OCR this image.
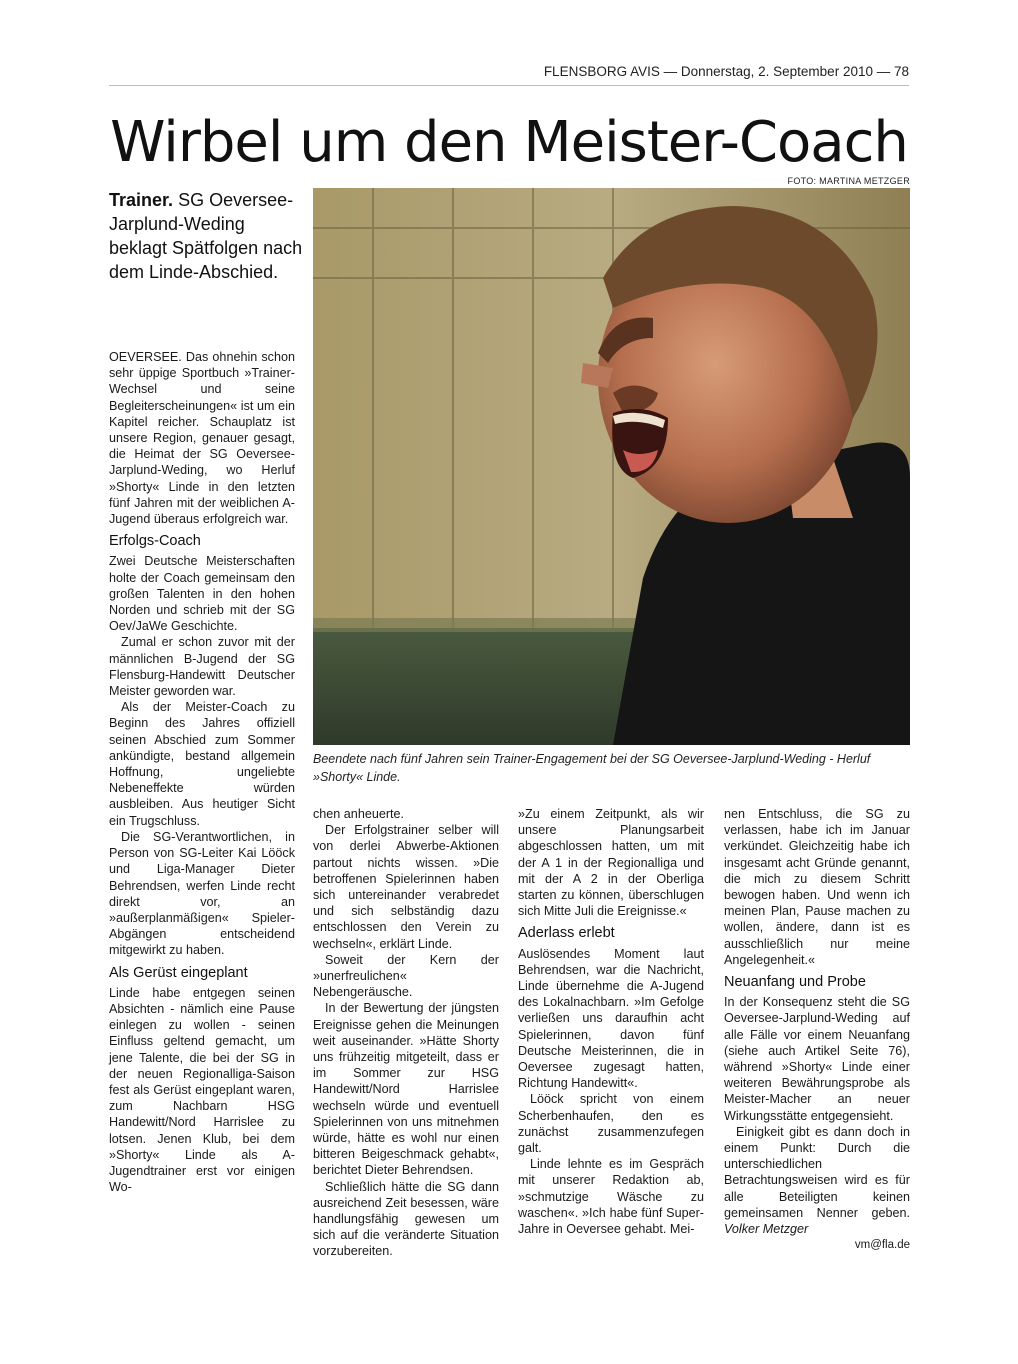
FLENSBORG AVIS — Donnerstag, 2. September 2010 — 78
Wirbel um den Meister-Coach
FOTO: MARTINA METZGER
Beendete nach fünf Jahren sein Trainer-Engagement bei der SG Oeversee-Jarplund-Weding - Herluf »Shorty« Linde.
Trainer. SG Oeversee-Jarplund-Weding beklagt Spätfolgen nach dem Linde-Abschied.

OEVERSEE. Das ohnehin schon sehr üppige Sportbuch »Trainer-Wechsel und seine Begleiterscheinungen« ist um ein Kapitel reicher. Schauplatz ist unsere Region, genauer gesagt, die Heimat der SG Oeversee-Jarplund-Weding, wo Herluf »Shorty« Linde in den letzten fünf Jahren mit der weiblichen A-Jugend überaus erfolgreich war.

Erfolgs-Coach

Zwei Deutsche Meisterschaften holte der Coach gemeinsam den großen Talenten in den hohen Norden und schrieb mit der SG Oev/JaWe Geschichte.

Zumal er schon zuvor mit der männlichen B-Jugend der SG Flensburg-Handewitt Deutscher Meister geworden war.

Als der Meister-Coach zu Beginn des Jahres offiziell seinen Abschied zum Sommer ankündigte, bestand allgemein Hoffnung, ungeliebte Nebeneffekte würden ausbleiben. Aus heutiger Sicht ein Trugschluss.

Die SG-Verantwortlichen, in Person von SG-Leiter Kai Lööck und Liga-Manager Dieter Behrendsen, werfen Linde recht direkt vor, an »außerplanmäßigen« Spieler-Abgängen entscheidend mitgewirkt zu haben.

Als Gerüst eingeplant

Linde habe entgegen seinen Absichten - nämlich eine Pause einlegen zu wollen - seinen Einfluss geltend gemacht, um jene Talente, die bei der SG in der neuen Regionalliga-Saison fest als Gerüst eingeplant waren, zum Nachbarn HSG Handewitt/Nord Harrislee zu lotsen. Jenen Klub, bei dem »Shorty« Linde als A-Jugendtrainer erst vor einigen Wo-

chen anheuerte.

Der Erfolgstrainer selber will von derlei Abwerbe-Aktionen partout nichts wissen. »Die betroffenen Spielerinnen haben sich untereinander verabredet und sich selbständig dazu entschlossen den Verein zu wechseln«, erklärt Linde.

Soweit der Kern der »unerfreulichen« Nebengeräusche.

In der Bewertung der jüngsten Ereignisse gehen die Meinungen weit auseinander. »Hätte Shorty uns frühzeitig mitgeteilt, dass er im Sommer zur HSG Handewitt/Nord Harrislee wechseln würde und eventuell Spielerinnen von uns mitnehmen würde, hätte es wohl nur einen bitteren Beigeschmack gehabt«, berichtet Dieter Behrendsen.

Schließlich hätte die SG dann ausreichend Zeit besessen, wäre handlungsfähig gewesen um sich auf die veränderte Situation vorzubereiten.

»Zu einem Zeitpunkt, als wir unsere Planungsarbeit abgeschlossen hatten, um mit der A 1 in der Regionalliga und mit der A 2 in der Oberliga starten zu können, überschlugen sich Mitte Juli die Ereignisse.«

Aderlass erlebt

Auslösendes Moment laut Behrendsen, war die Nachricht, Linde übernehme die A-Jugend des Lokalnachbarn. »Im Gefolge verließen uns daraufhin acht Spielerinnen, davon fünf Deutsche Meisterinnen, die in Oeversee zugesagt hatten, Richtung Handewitt«.

Lööck spricht von einem Scherbenhaufen, den es zunächst zusammenzufegen galt.

Linde lehnte es im Gespräch mit unserer Redaktion ab, »schmutzige Wäsche zu waschen«. »Ich habe fünf Super-Jahre in Oeversee gehabt. Mei-

nen Entschluss, die SG zu verlassen, habe ich im Januar verkündet. Gleichzeitig habe ich insgesamt acht Gründe genannt, die mich zu diesem Schritt bewogen haben. Und wenn ich meinen Plan, Pause machen zu wollen, ändere, dann ist es ausschließlich nur meine Angelegenheit.«

Neuanfang und Probe

In der Konsequenz steht die SG Oeversee-Jarplund-Weding auf alle Fälle vor einem Neuanfang (siehe auch Artikel Seite 76), während »Shorty« Linde einer weiteren Bewährungsprobe als Meister-Macher an neuer Wirkungsstätte entgegensieht.

Einigkeit gibt es dann doch in einem Punkt: Durch die unterschiedlichen Betrachtungsweisen wird es für alle Beteiligten keinen gemeinsamen Nenner geben. Volker Metzger

vm@fla.de
